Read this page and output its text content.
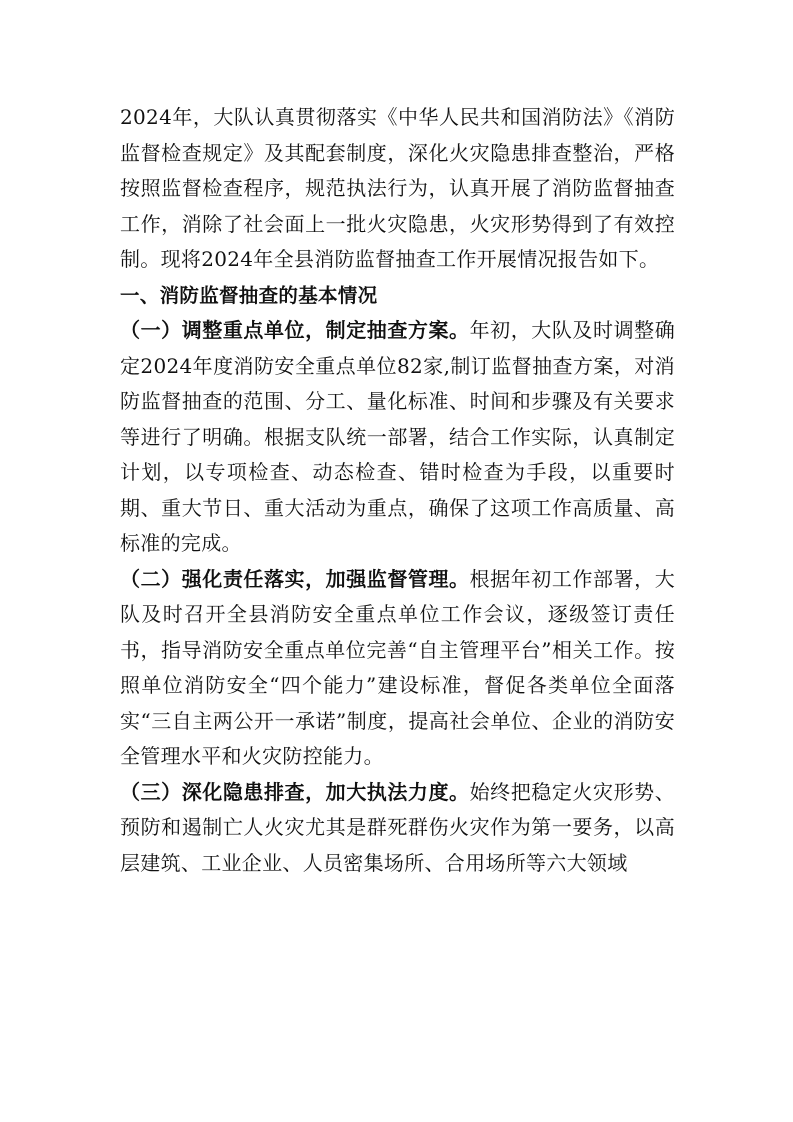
2024年，大队认真贯彻落实《中华人民共和国消防法》《消防监督检查规定》及其配套制度，深化火灾隐患排查整治，严格按照监督检查程序，规范执法行为，认真开展了消防监督抽查工作，消除了社会面上一批火灾隐患，火灾形势得到了有效控制。现将2024年全县消防监督抽查工作开展情况报告如下。

一、消防监督抽查的基本情况

（一）调整重点单位，制定抽查方案。年初，大队及时调整确定2024年度消防安全重点单位82家,制订监督抽查方案，对消防监督抽查的范围、分工、量化标准、时间和步骤及有关要求等进行了明确。根据支队统一部署，结合工作实际，认真制定计划，以专项检查、动态检查、错时检查为手段，以重要时期、重大节日、重大活动为重点，确保了这项工作高质量、高标准的完成。

（二）强化责任落实，加强监督管理。根据年初工作部署，大队及时召开全县消防安全重点单位工作会议，逐级签订责任书，指导消防安全重点单位完善“自主管理平台”相关工作。按照单位消防安全“四个能力”建设标准，督促各类单位全面落实“三自主两公开一承诺”制度，提高社会单位、企业的消防安全管理水平和火灾防控能力。

（三）深化隐患排查，加大执法力度。始终把稳定火灾形势、预防和遏制亡人火灾尤其是群死群伤火灾作为第一要务，以高层建筑、工业企业、人员密集场所、合用场所等六大领域
